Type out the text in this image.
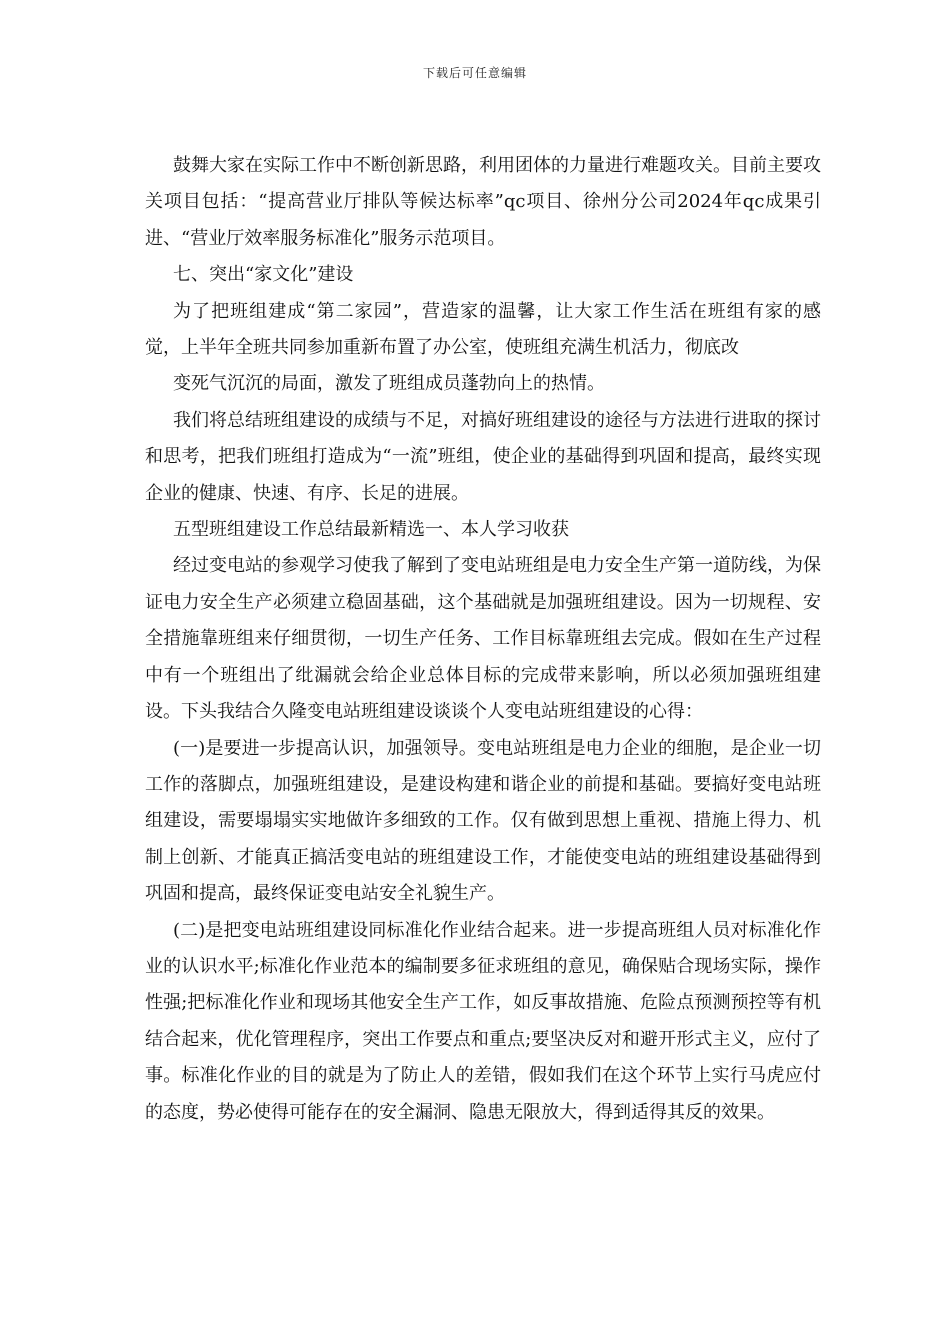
下载后可任意编辑

鼓舞大家在实际工作中不断创新思路，利用团体的力量进行难题攻关。目前主要攻关项目包括：“提高营业厅排队等候达标率”qc项目、徐州分公司2024年qc成果引进、“营业厅效率服务标准化”服务示范项目。

七、突出“家文化”建设

为了把班组建成“第二家园”，营造家的温馨，让大家工作生活在班组有家的感觉，上半年全班共同参加重新布置了办公室，使班组充满生机活力，彻底改

变死气沉沉的局面，激发了班组成员蓬勃向上的热情。

我们将总结班组建设的成绩与不足，对搞好班组建设的途径与方法进行进取的探讨和思考，把我们班组打造成为“一流”班组，使企业的基础得到巩固和提高，最终实现企业的健康、快速、有序、长足的进展。

五型班组建设工作总结最新精选一、本人学习收获

经过变电站的参观学习使我了解到了变电站班组是电力安全生产第一道防线，为保证电力安全生产必须建立稳固基础，这个基础就是加强班组建设。因为一切规程、安全措施靠班组来仔细贯彻，一切生产任务、工作目标靠班组去完成。假如在生产过程中有一个班组出了纰漏就会给企业总体目标的完成带来影响，所以必须加强班组建设。下头我结合久隆变电站班组建设谈谈个人变电站班组建设的心得：

(一)是要进一步提高认识，加强领导。变电站班组是电力企业的细胞，是企业一切工作的落脚点，加强班组建设，是建设构建和谐企业的前提和基础。要搞好变电站班组建设，需要塌塌实实地做许多细致的工作。仅有做到思想上重视、措施上得力、机制上创新、才能真正搞活变电站的班组建设工作，才能使变电站的班组建设基础得到巩固和提高，最终保证变电站安全礼貌生产。

(二)是把变电站班组建设同标准化作业结合起来。进一步提高班组人员对标准化作业的认识水平;标准化作业范本的编制要多征求班组的意见，确保贴合现场实际，操作性强;把标准化作业和现场其他安全生产工作，如反事故措施、危险点预测预控等有机结合起来，优化管理程序，突出工作要点和重点;要坚决反对和避开形式主义，应付了事。标准化作业的目的就是为了防止人的差错，假如我们在这个环节上实行马虎应付的态度，势必使得可能存在的安全漏洞、隐患无限放大，得到适得其反的效果。
